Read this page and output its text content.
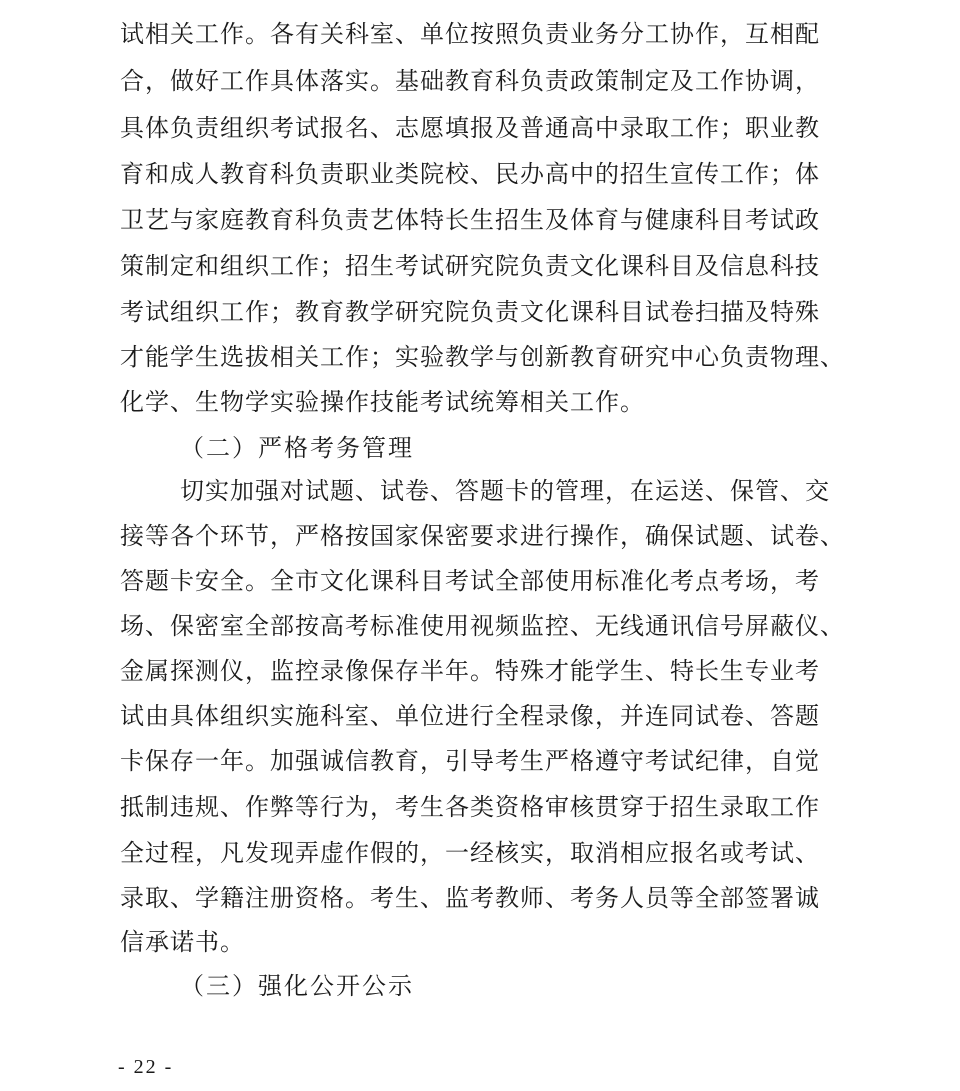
试相关工作。各有关科室、单位按照负责业务分工协作，互相配
合，做好工作具体落实。基础教育科负责政策制定及工作协调，
具体负责组织考试报名、志愿填报及普通高中录取工作；职业教
育和成人教育科负责职业类院校、民办高中的招生宣传工作；体
卫艺与家庭教育科负责艺体特长生招生及体育与健康科目考试政
策制定和组织工作；招生考试研究院负责文化课科目及信息科技
考试组织工作；教育教学研究院负责文化课科目试卷扫描及特殊
才能学生选拔相关工作；实验教学与创新教育研究中心负责物理、
化学、生物学实验操作技能考试统筹相关工作。
（二）严格考务管理
切实加强对试题、试卷、答题卡的管理，在运送、保管、交
接等各个环节，严格按国家保密要求进行操作，确保试题、试卷、
答题卡安全。全市文化课科目考试全部使用标准化考点考场，考
场、保密室全部按高考标准使用视频监控、无线通讯信号屏蔽仪、
金属探测仪，监控录像保存半年。特殊才能学生、特长生专业考
试由具体组织实施科室、单位进行全程录像，并连同试卷、答题
卡保存一年。加强诚信教育，引导考生严格遵守考试纪律，自觉
抵制违规、作弊等行为，考生各类资格审核贯穿于招生录取工作
全过程，凡发现弄虚作假的，一经核实，取消相应报名或考试、
录取、学籍注册资格。考生、监考教师、考务人员等全部签署诚
信承诺书。
（三）强化公开公示
- 22 -
